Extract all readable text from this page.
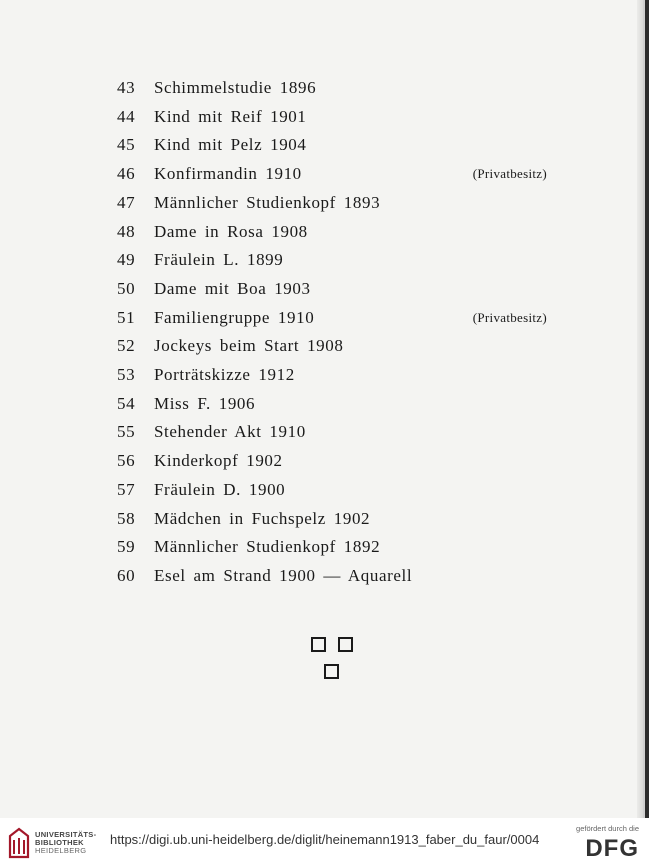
43 Schimmelstudie 1896
44 Kind mit Reif 1901
45 Kind mit Pelz 1904
46 Konfirmandin 1910	(Privatbesitz)
47 Männlicher Studienkopf 1893
48 Dame in Rosa 1908
49 Fräulein L. 1899
50 Dame mit Boa 1903
51 Familiengruppe 1910	(Privatbesitz)
52 Jockeys beim Start 1908
53 Porträtskizze 1912
54 Miss F. 1906
55 Stehender Akt 1910
56 Kinderkopf 1902
57 Fräulein D. 1900
58 Mädchen in Fuchspelz 1902
59 Männlicher Studienkopf 1892
60 Esel am Strand 1900 — Aquarell
UNIVERSITÄTS-
BIBLIOTHEK
HEIDELBERG
https://digi.ub.uni-heidelberg.de/diglit/heinemann1913_faber_du_faur/0004
gefördert durch die
DFG
